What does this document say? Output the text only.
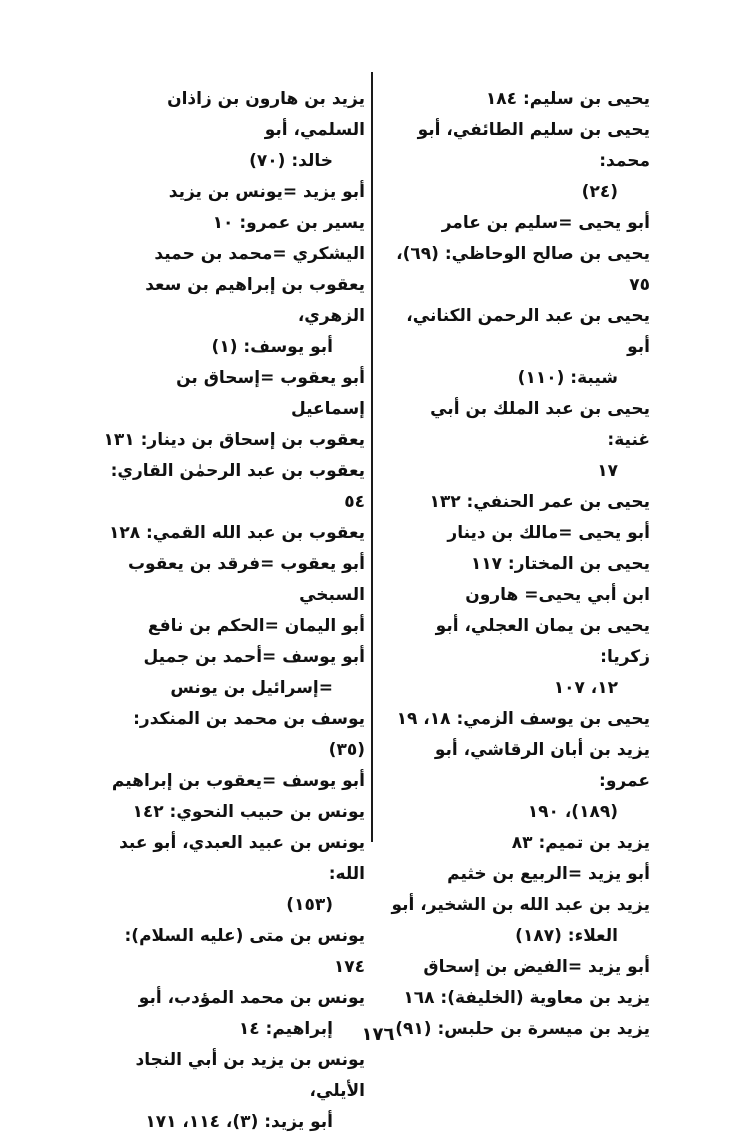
يحيى بن سليم: ١٨٤

يحيى بن سليم الطائفي، أبو محمد:

(٢٤)

أبو يحيى =سليم بن عامر

يحيى بن صالح الوحاظي: (٦٩)، ٧٥

يحيى بن عبد الرحمن الكناني، أبو

شيبة: (١١٠)

يحيى بن عبد الملك بن أبي غنية:

١٧

يحيى بن عمر الحنفي: ١٣٢

أبو يحيى =مالك بن دينار

يحيى بن المختار: ١١٧

ابن أبي يحيى= هارون

يحيى بن يمان العجلي، أبو زكريا:

١٢، ١٠٧

يحيى بن يوسف الزمي: ١٨، ١٩

يزيد بن أبان الرقاشي، أبو عمرو:

(١٨٩)، ١٩٠

يزيد بن تميم: ٨٣

أبو يزيد =الربيع بن خثيم

يزيد بن عبد الله بن الشخير، أبو

العلاء: (١٨٧)

أبو يزيد =الفيض بن إسحاق

يزيد بن معاوية (الخليفة): ١٦٨

يزيد بن ميسرة بن حلبس: (٩١)

يزيد بن هارون بن زاذان السلمي، أبو

خالد: (٧٠)

أبو يزيد =يونس بن يزيد

يسير بن عمرو: ١٠

اليشكري =محمد بن حميد

يعقوب بن إبراهيم بن سعد الزهري،

أبو يوسف: (١)

أبو يعقوب =إسحاق بن إسماعيل

يعقوب بن إسحاق بن دينار: ١٣١

يعقوب بن عبد الرحمٰن القاري: ٥٤

يعقوب بن عبد الله القمي: ١٢٨

أبو يعقوب =فرقد بن يعقوب السبخي

أبو اليمان =الحكم بن نافع

أبو يوسف =أحمد بن جميل

=إسرائيل بن يونس

يوسف بن محمد بن المنكدر: (٣٥)

أبو يوسف =يعقوب بن إبراهيم

يونس بن حبيب النحوي: ١٤٢

يونس بن عبيد العبدي، أبو عبد الله:

(١٥٣)

يونس بن متى (عليه السلام): ١٧٤

يونس بن محمد المؤدب، أبو

إبراهيم: ١٤

يونس بن يزيد بن أبي النجاد الأيلي،

أبو يزيد: (٣)، ١١٤، ١٧١

١٧٦
